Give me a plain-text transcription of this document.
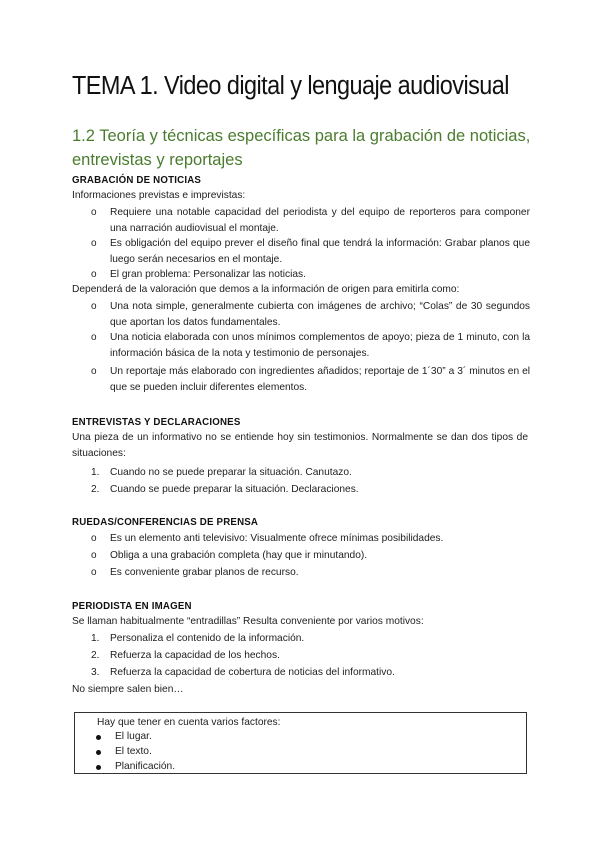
TEMA 1. Video digital y lenguaje audiovisual
1.2 Teoría y técnicas específicas para la grabación de noticias, entrevistas y reportajes
GRABACIÓN DE NOTICIAS
Informaciones previstas e imprevistas:
o Requiere una notable capacidad del periodista y del equipo de reporteros para componer una narración audiovisual el montaje.
o Es obligación del equipo prever el diseño final que tendrá la información: Grabar planos que luego serán necesarios en el montaje.
o El gran problema: Personalizar las noticias.
Dependerá de la valoración que demos a la información de origen para emitirla como:
o Una nota simple, generalmente cubierta con imágenes de archivo; “Colas” de 30 segundos que aportan los datos fundamentales.
o Una noticia elaborada con unos mínimos complementos de apoyo; pieza de 1 minuto, con la información básica de la nota y testimonio de personajes.
o Un reportaje más elaborado con ingredientes añadidos; reportaje de 1´30” a 3´ minutos en el que se pueden incluir diferentes elementos.
ENTREVISTAS Y DECLARACIONES
Una pieza de un informativo no se entiende hoy sin testimonios. Normalmente se dan dos tipos de situaciones:
1. Cuando no se puede preparar la situación. Canutazo.
2. Cuando se puede preparar la situación. Declaraciones.
RUEDAS/CONFERENCIAS DE PRENSA
o Es un elemento anti televisivo: Visualmente ofrece mínimas posibilidades.
o Obliga a una grabación completa (hay que ir minutando).
o Es conveniente grabar planos de recurso.
PERIODISTA EN IMAGEN
Se llaman habitualmente “entradillas” Resulta conveniente por varios motivos:
1. Personaliza el contenido de la información.
2. Refuerza la capacidad de los hechos.
3. Refuerza la capacidad de cobertura de noticias del informativo.
No siempre salen bien…
Hay que tener en cuenta varios factores:
El lugar.
El texto.
Planificación.
